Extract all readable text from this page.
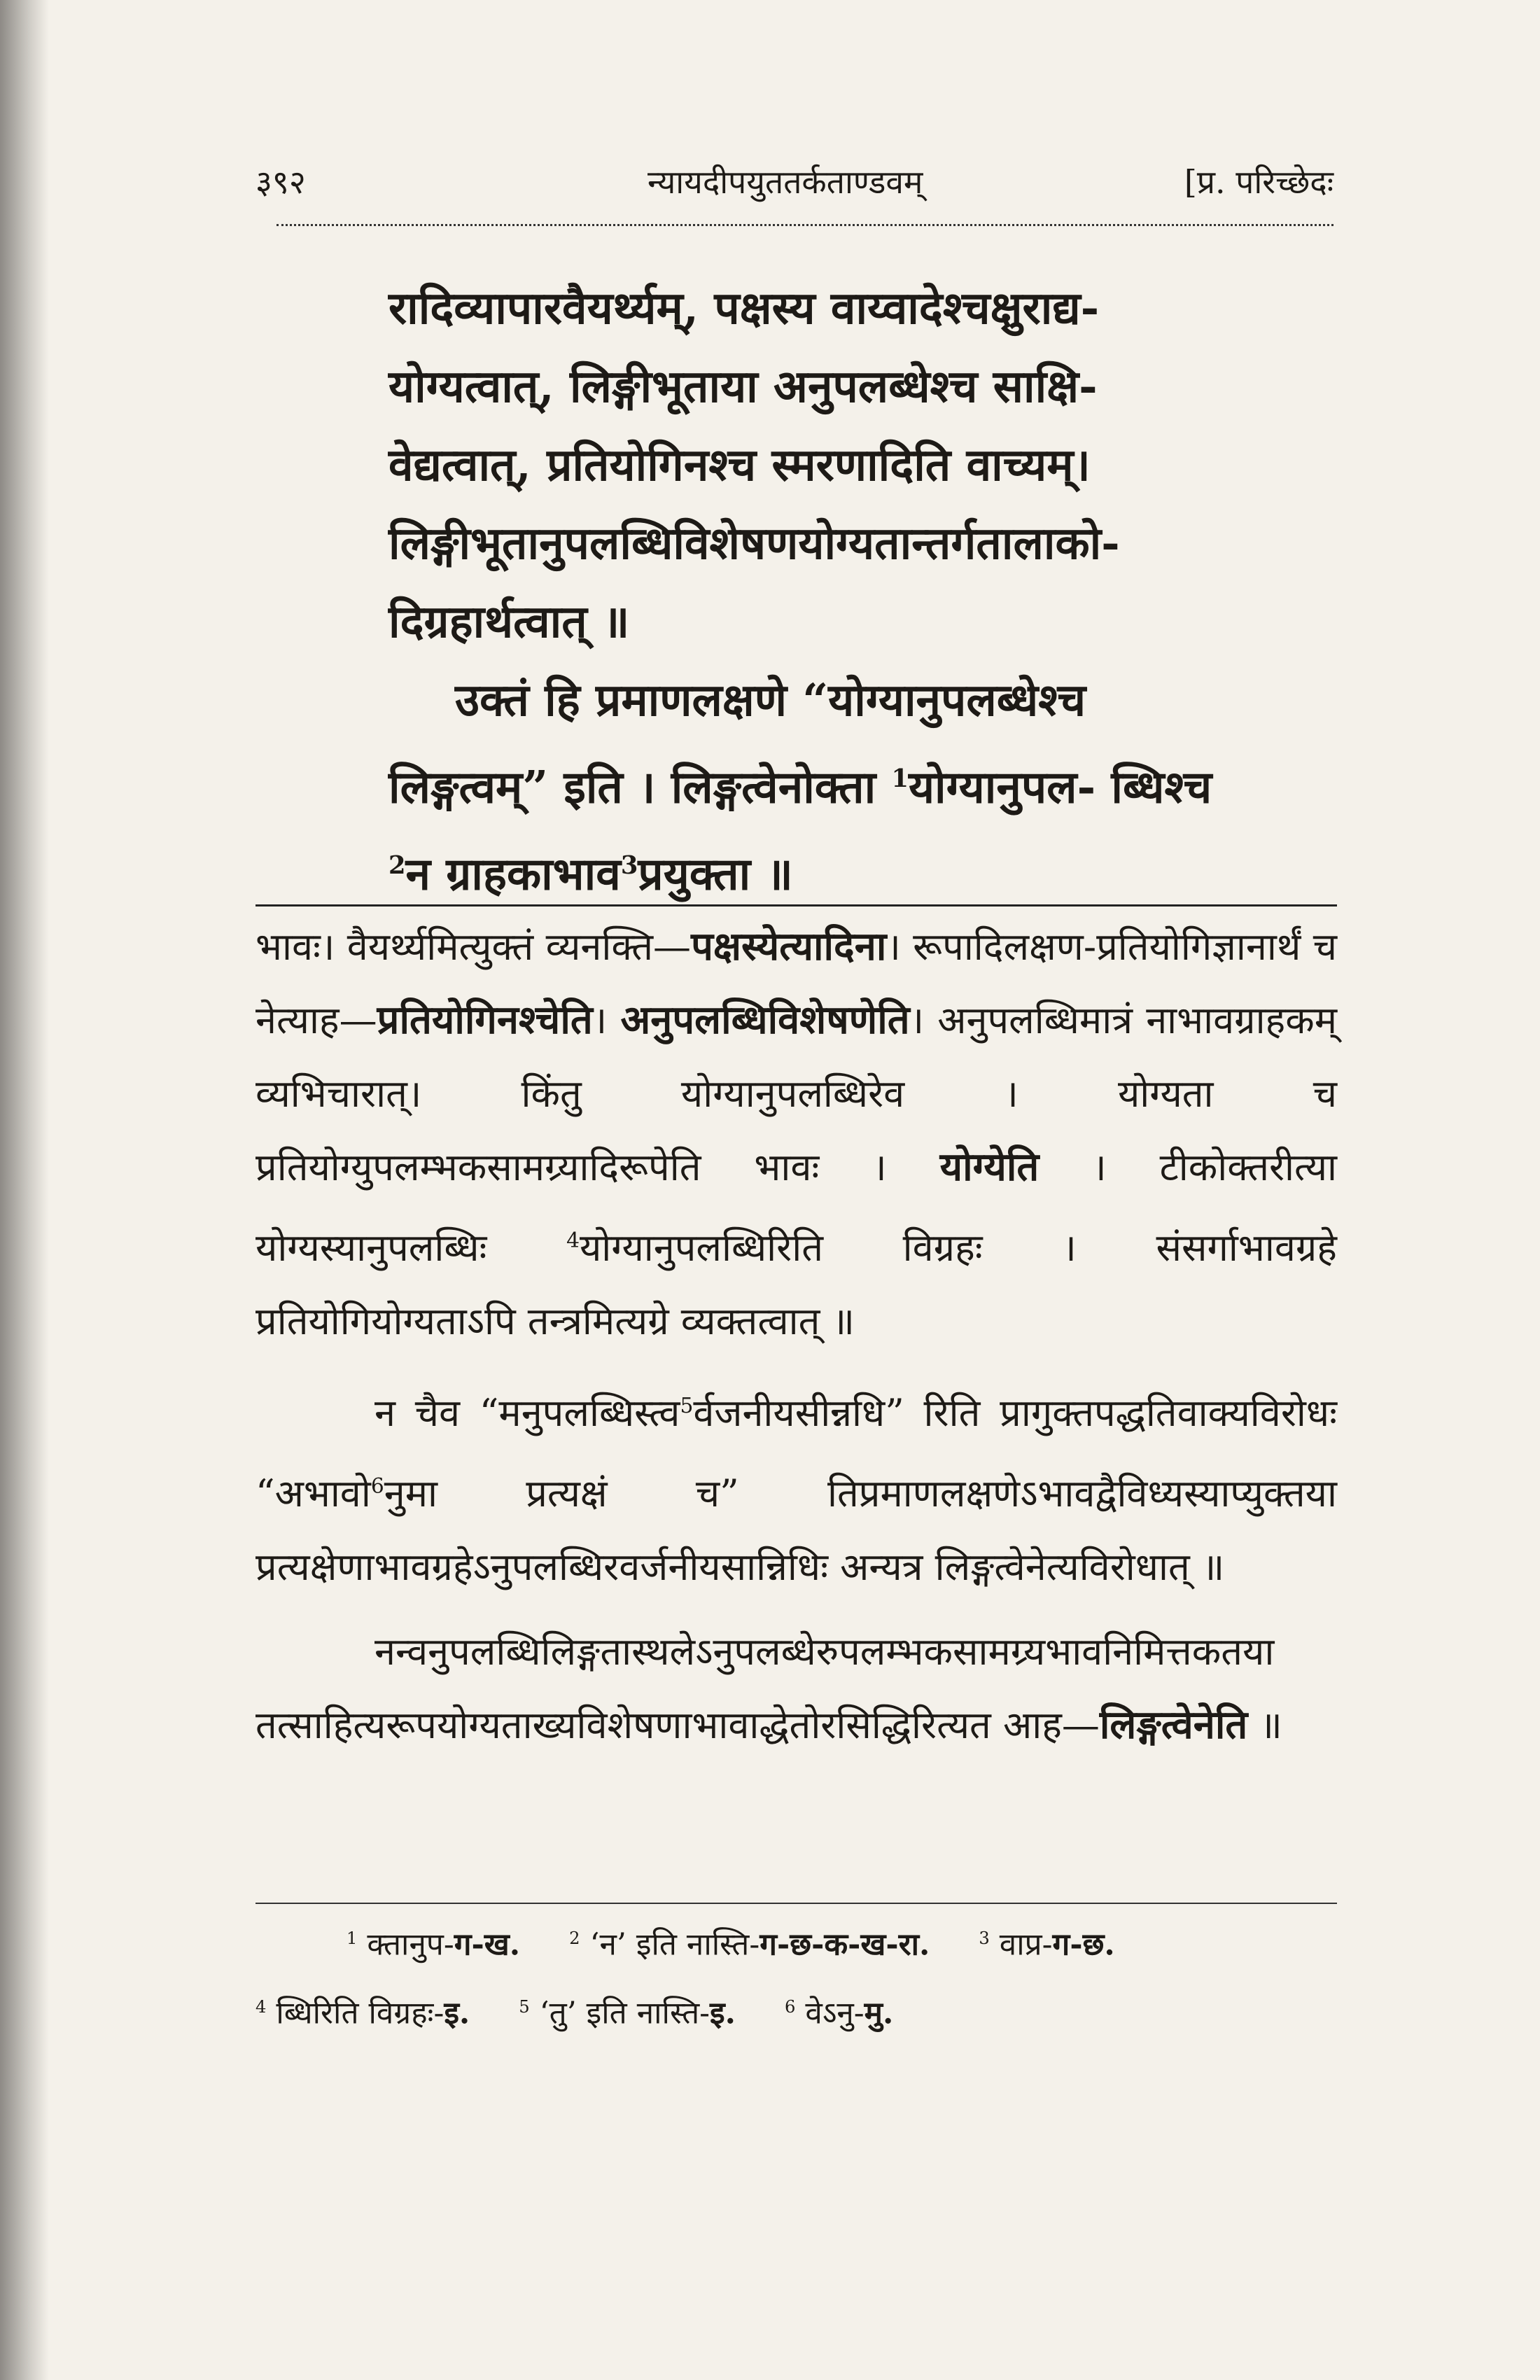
३९२	न्यायदीपयुततर्कताण्डवम्	[प्र. परिच्छेदः

रादिव्यापारवैयर्थ्यम्, पक्षस्य वाय्वादेश्चक्षुराद्य-

योग्यत्वात्, लिङ्गीभूताया अनुपलब्धेश्च साक्षि-

वेद्यत्वात्, प्रतियोगिनश्च स्मरणादिति वाच्यम्।

लिङ्गीभूतानुपलब्धिविशेषणयोग्यतान्तर्गतालाको-

दिग्रहार्थत्वात् ॥

उक्तं हि प्रमाणलक्षणे “योग्यानुपलब्धेश्च लिङ्गत्वम्” इति । लिङ्गत्वेनोक्ता $^1$योग्यानुपल- ब्धिश्च $^2$न ग्राहकाभाव$^3$प्रयुक्ता ॥

भावः। वैयर्थ्यमित्युक्तं व्यनक्ति—पक्षस्येत्यादिना। रूपादिलक्षण-प्रतियोगिज्ञानार्थं च नेत्याह—प्रतियोगिनश्चेति। अनुपलब्धिविशेषणेति। अनुपलब्धिमात्रं नाभावग्राहकम् व्यभिचारात्। किंतु योग्यानुपलब्धिरेव । योग्यता च प्रतियोग्युपलम्भकसामग्र्यादिरूपेति भावः । योग्येति । टीकोक्तरीत्या योग्यस्यानुपलब्धिः	$^4$योग्यानुपलब्धिरिति विग्रहः । संसर्गाभावग्रहे प्रतियोगियोग्यताऽपि तन्त्रमित्यग्रे व्यक्तत्वात् ॥

न चैव “मनुपलब्धिस्त्व$^5$र्वजनीयसीन्नधि” रिति प्रागुक्तपद्धतिवाक्यविरोधः “अभावो$^6$नुमा प्रत्यक्षं च” तिप्रमाणलक्षणेऽभावद्वैविध्यस्याप्युक्तया प्रत्यक्षेणाभावग्रहेऽनुपलब्धिरवर्जनीयसान्निधिः अन्यत्र लिङ्गत्वेनेत्यविरोधात् ॥

नन्वनुपलब्धिलिङ्गतास्थलेऽनुपलब्धेरुपलम्भकसामग्र्यभावनिमित्तकतया तत्साहित्यरूपयोग्यताख्यविशेषणाभावाद्धेतोरसिद्धिरित्यत आह—लिङ्गत्वेनेति ॥

$^1$ क्तानुप-ग-ख.	$^2$ ‘न’ इति नास्ति-ग-छ-क-ख-रा.	$^3$ वाप्र-ग-छ.
$^4$ ब्धिरिति विग्रहः-इ.	$^5$ ‘तु’ इति नास्ति-इ.	$^6$ वेऽनु-मु.
